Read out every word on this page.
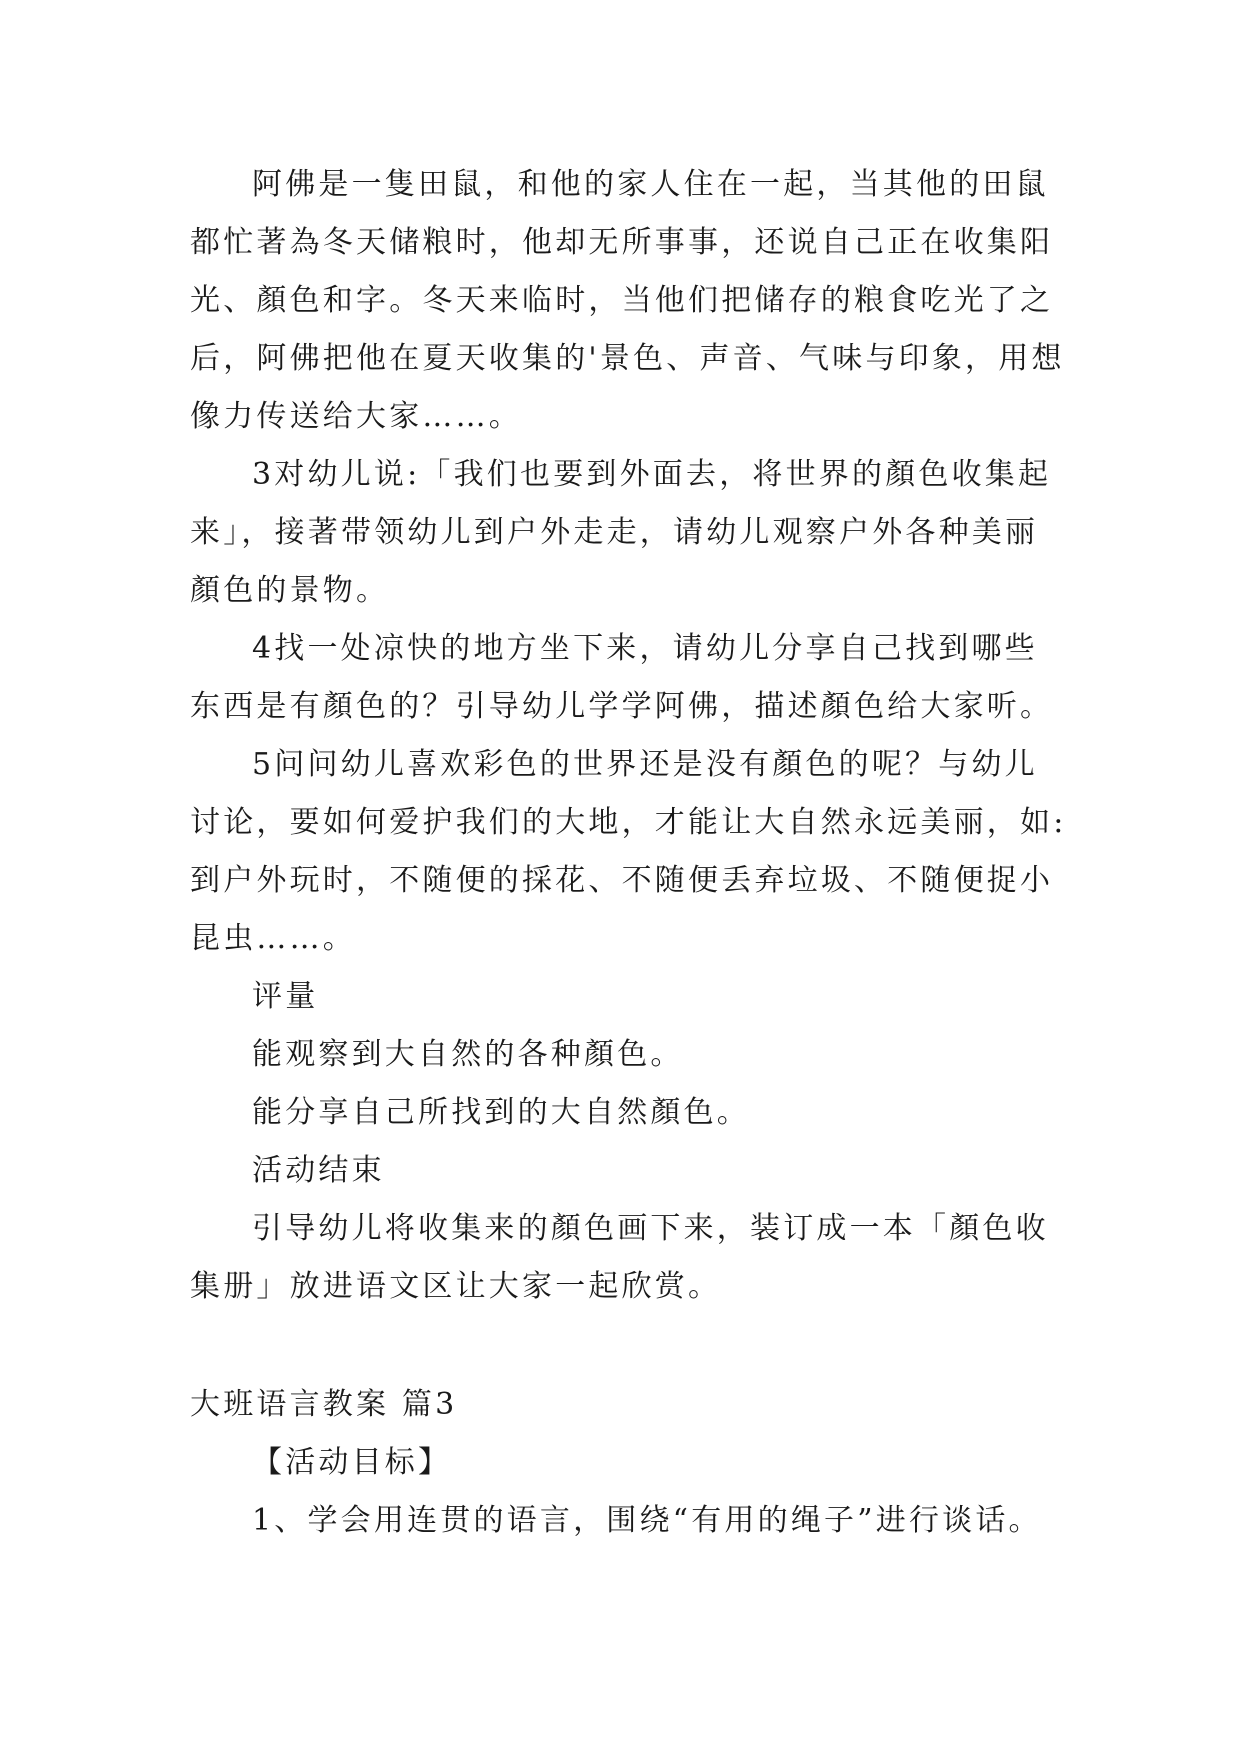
阿佛是一隻田鼠，和他的家人住在一起，当其他的田鼠都忙著為冬天储粮时，他却无所事事，还说自己正在收集阳光、顏色和字。冬天来临时，当他们把储存的粮食吃光了之后，阿佛把他在夏天收集的'景色、声音、气味与印象，用想像力传送给大家……。

3对幼儿说:「我们也要到外面去，将世界的顏色收集起来」，接著带领幼儿到户外走走，请幼儿观察户外各种美丽顏色的景物。

4找一处凉快的地方坐下来，请幼儿分享自己找到哪些东西是有顏色的？引导幼儿学学阿佛，描述顏色给大家听。

5问问幼儿喜欢彩色的世界还是没有顏色的呢？与幼儿讨论，要如何爱护我们的大地，才能让大自然永远美丽，如:到户外玩时，不随便的採花、不随便丢弃垃圾、不随便捉小昆虫……。

评量

能观察到大自然的各种顏色。

能分享自己所找到的大自然顏色。

活动结束

引导幼儿将收集来的顏色画下来，装订成一本「顏色收集册」放进语文区让大家一起欣赏。

大班语言教案 篇3

【活动目标】

1、学会用连贯的语言，围绕“有用的绳子”进行谈话。
